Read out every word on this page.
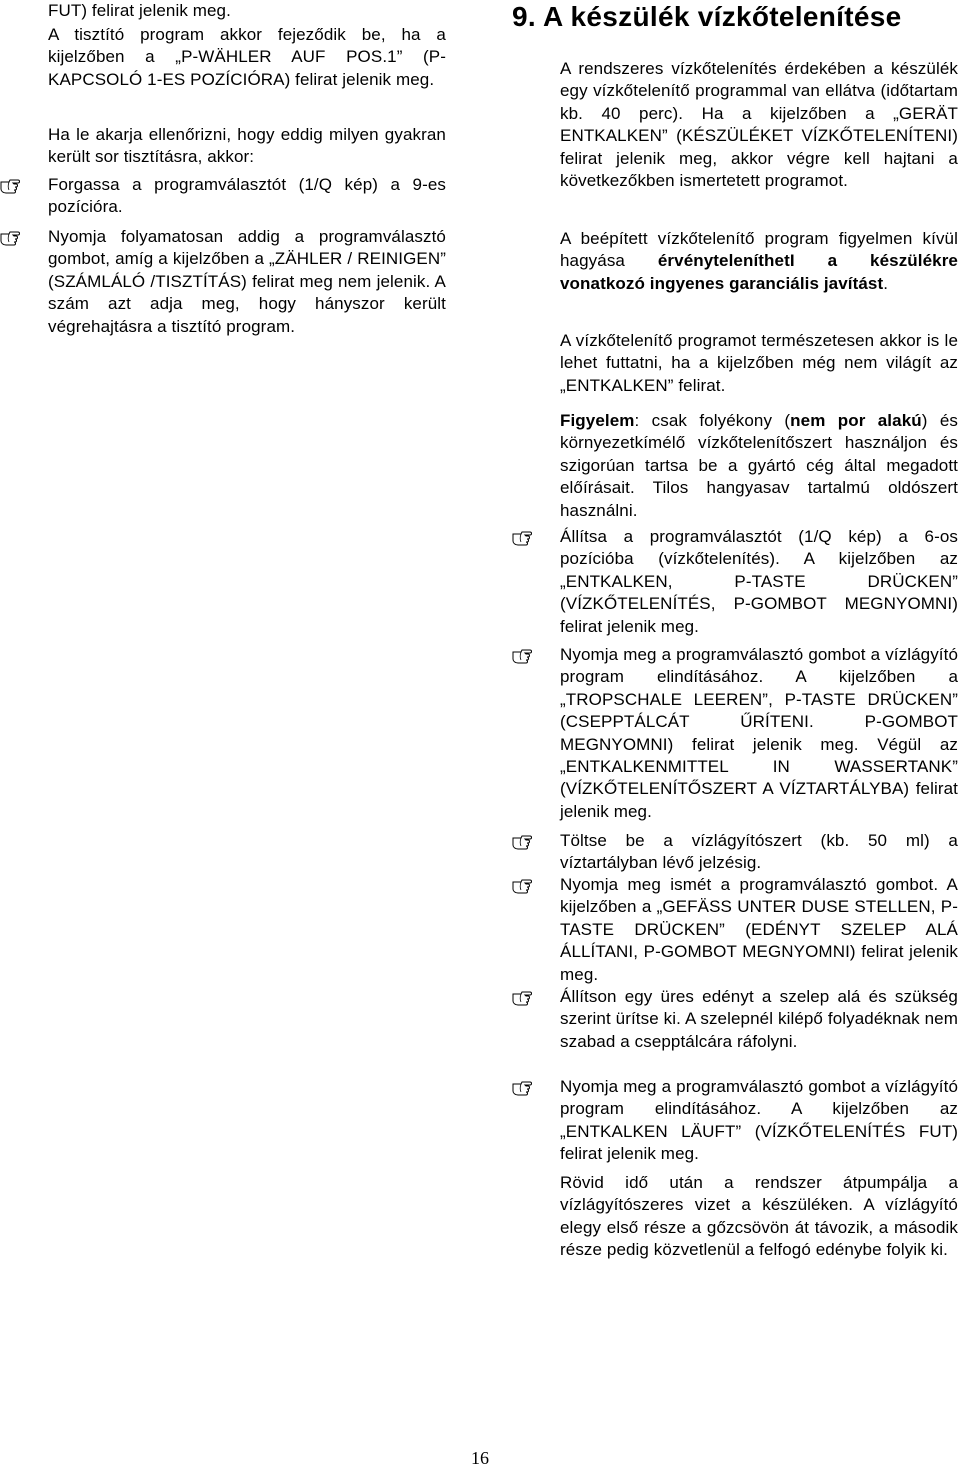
FUT) felirat jelenik meg.

A tisztító program akkor fejeződik be, ha a kijelzőben a „P-WÄHLER AUF POS.1” (P-KAPCSOLÓ 1-ES POZÍCIÓRA) felirat jelenik meg.

Ha le akarja ellenőrizni, hogy eddig milyen gyakran került sor tisztításra, akkor:

Forgassa a programválasztót (1/Q kép) a 9-es pozícióra.

Nyomja folyamatosan addig a programválasztó gombot, amíg a kijelzőben a „ZÄHLER / REINIGEN” (SZÁMLÁLÓ /TISZTÍTÁS) felirat meg nem jelenik. A szám azt adja meg, hogy hányszor került végrehajtásra a tisztító program.

9. A készülék vízkőtelenítése

A rendszeres vízkőtelenítés érdekében a készülék egy vízkőtelenítő programmal van ellátva (időtartam kb. 40 perc). Ha a kijelzőben a „GERÄT ENTKALKEN” (KÉSZÜLÉKET VÍZKŐTELENÍTENI) felirat jelenik meg, akkor végre kell hajtani a következőkben ismertetett programot.

A beépített vízkőtelenítő program figyelmen kívül hagyása érvényteleníthetI a készülékre vonatkozó ingyenes garanciális javítást.

A vízkőtelenítő programot természetesen akkor is le lehet futtatni, ha a kijelzőben még nem világít az „ENTKALKEN” felirat.

Figyelem: csak folyékony (nem por alakú) és környezetkímélő vízkőtelenítőszert használjon és szigorúan tartsa be a gyártó cég által megadott előírásait. Tilos hangyasav tartalmú oldószert használni.

Állítsa a programválasztót (1/Q kép) a 6-os pozícióba (vízkőtelenítés). A kijelzőben az „ENTKALKEN, P-TASTE DRÜCKEN” (VÍZKŐTELENÍTÉS, P-GOMBOT MEGNYOMNI) felirat jelenik meg.

Nyomja meg a programválasztó gombot a vízlágyító program elindításához. A kijelzőben a „TROPSCHALE LEEREN”, P-TASTE DRÜCKEN” (CSEPPTÁLCÁT ŰRÍTENI. P-GOMBOT MEGNYOMNI) felirat jelenik meg. Végül az „ENTKALKENMITTEL IN WASSERTANK” (VÍZKŐTELENÍTŐSZERT A VÍZTARTÁLYBA) felirat jelenik meg.

Töltse be a vízlágyítószert (kb. 50 ml) a víztartályban lévő jelzésig.

Nyomja meg ismét a programválasztó gombot. A kijelzőben a „GEFÄSS UNTER DUSE STELLEN, P-TASTE DRÜCKEN” (EDÉNYT SZELEP ALÁ ÁLLÍTANI, P-GOMBOT MEGNYOMNI) felirat jelenik meg.

Állítson egy üres edényt a szelep alá és szükség szerint ürítse ki. A szelepnél kilépő folyadéknak nem szabad a csepptálcára ráfolyni.

Nyomja meg a programválasztó gombot a vízlágyító program elindításához. A kijelzőben az „ENTKALKEN LÄUFT” (VÍZKŐTELENÍTÉS FUT) felirat jelenik meg.

Rövid idő után a rendszer átpumpálja a vízlágyítószeres vizet a készüléken. A vízlágyító elegy első része a gőzcsövön át távozik, a második része pedig közvetlenül a felfogó edénybe folyik ki.

16
